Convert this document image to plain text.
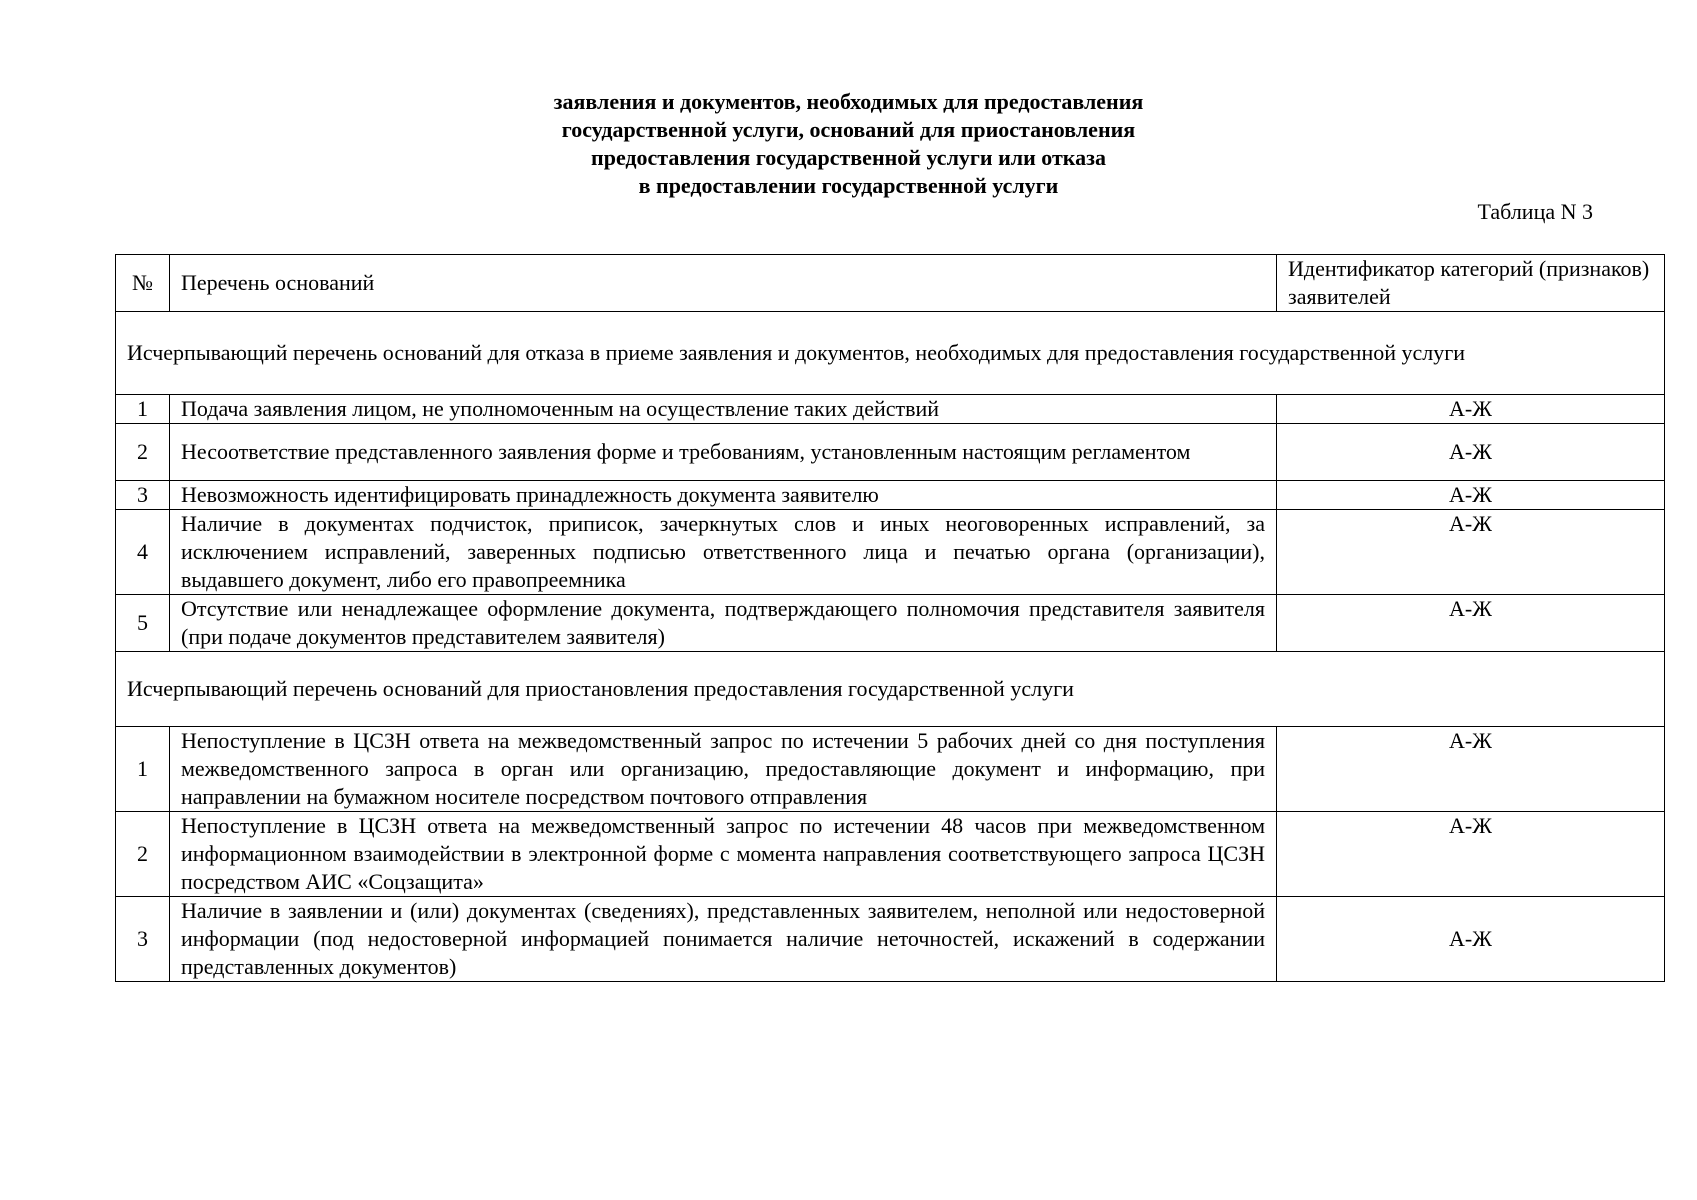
заявления и документов, необходимых для предоставления
государственной услуги, оснований для приостановления
предоставления государственной услуги или отказа
в предоставлении государственной услуги
Таблица N 3
№	Перечень оснований	Идентификатор категорий (признаков) заявителей
Исчерпывающий перечень оснований для отказа в приеме заявления и документов, необходимых для предоставления государственной услуги		
1	Подача заявления лицом, не уполномоченным на осуществление таких действий	А-Ж
2	Несоответствие представленного заявления форме и требованиям, установленным настоящим регламентом	А-Ж
3	Невозможность идентифицировать принадлежность документа заявителю	А-Ж
4	Наличие в документах подчисток, приписок, зачеркнутых слов и иных неоговоренных исправлений, за исключением исправлений, заверенных подписью ответственного лица и печатью органа (организации), выдавшего документ, либо его правопреемника	А-Ж
5	Отсутствие или ненадлежащее оформление документа, подтверждающего полномочия представителя заявителя (при подаче документов представителем заявителя)	А-Ж
Исчерпывающий перечень оснований для приостановления предоставления государственной услуги		
1	Непоступление в ЦСЗН ответа на межведомственный запрос по истечении 5 рабочих дней со дня поступления межведомственного запроса в орган или организацию, предоставляющие документ и информацию, при направлении на бумажном носителе посредством почтового отправления	А-Ж
2	Непоступление в ЦСЗН ответа на межведомственный запрос по истечении 48 часов при межведомственном информационном взаимодействии в электронной форме с момента направления соответствующего запроса ЦСЗН посредством АИС «Соцзащита»	А-Ж
3	Наличие в заявлении и (или) документах (сведениях), представленных заявителем, неполной или недостоверной информации (под недостоверной информацией понимается наличие неточностей, искажений в содержании представленных документов)	А-Ж
